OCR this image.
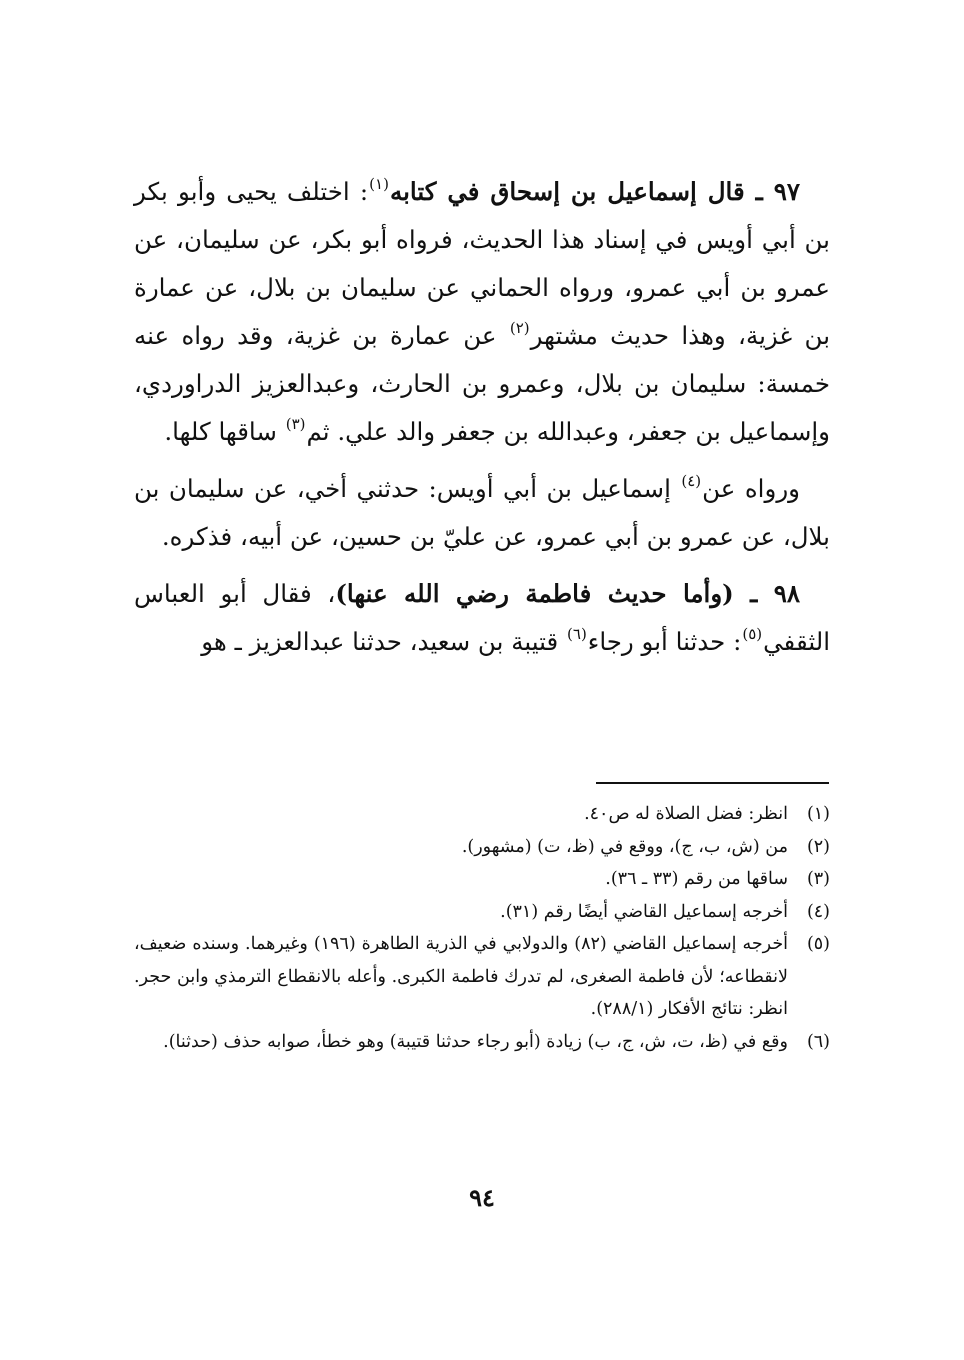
٩٧ ـ قال إسماعيل بن إسحاق في كتابه$^{(١)}$: اختلف يحيى وأبو بكر بن أبي أويس في إسناد هذا الحديث، فرواه أبو بكر، عن سليمان، عن عمرو بن أبي عمرو، ورواه الحماني عن سليمان بن بلال، عن عمارة بن غزية، وهذا حديث مشتهر$^{(٢)}$ عن عمارة بن غزية، وقد رواه عنه خمسة: سليمان بن بلال، وعمرو بن الحارث، وعبدالعزيز الدراوردي، وإسماعيل بن جعفر، وعبدالله بن جعفر والد علي. ثم$^{(٣)}$ ساقها كلها.

ورواه عن$^{(٤)}$ إسماعيل بن أبي أويس: حدثني أخي، عن سليمان بن بلال، عن عمرو بن أبي عمرو، عن عليّ بن حسين، عن أبيه، فذكره.

٩٨ ـ (وأما حديث فاطمة رضي الله عنها)، فقال أبو العباس الثقفي$^{(٥)}$: حدثنا أبو رجاء$^{(٦)}$ قتيبة بن سعيد، حدثنا عبدالعزيز ـ هو

(١)
انظر: فضل الصلاة له ص٤٠.
(٢)
من (ش، ب، ج)، ووقع في (ظ، ت) (مشهور).
(٣)
ساقها من رقم (٣٣ ـ ٣٦).
(٤)
أخرجه إسماعيل القاضي أيضًا رقم (٣١).
(٥)
أخرجه إسماعيل القاضي (٨٢) والدولابي في الذرية الطاهرة (١٩٦) وغيرهما. وسنده ضعيف، لانقطاعه؛ لأن فاطمة الصغرى، لم تدرك فاطمة الكبرى. وأعله بالانقطاع الترمذي وابن حجر. انظر: نتائج الأفكار (٢٨٨/١).
(٦)
وقع في (ظ، ت، ش، ج، ب) زيادة (أبو رجاء حدثنا قتيبة) وهو خطأ، صوابه حذف (حدثنا).
٩٤
